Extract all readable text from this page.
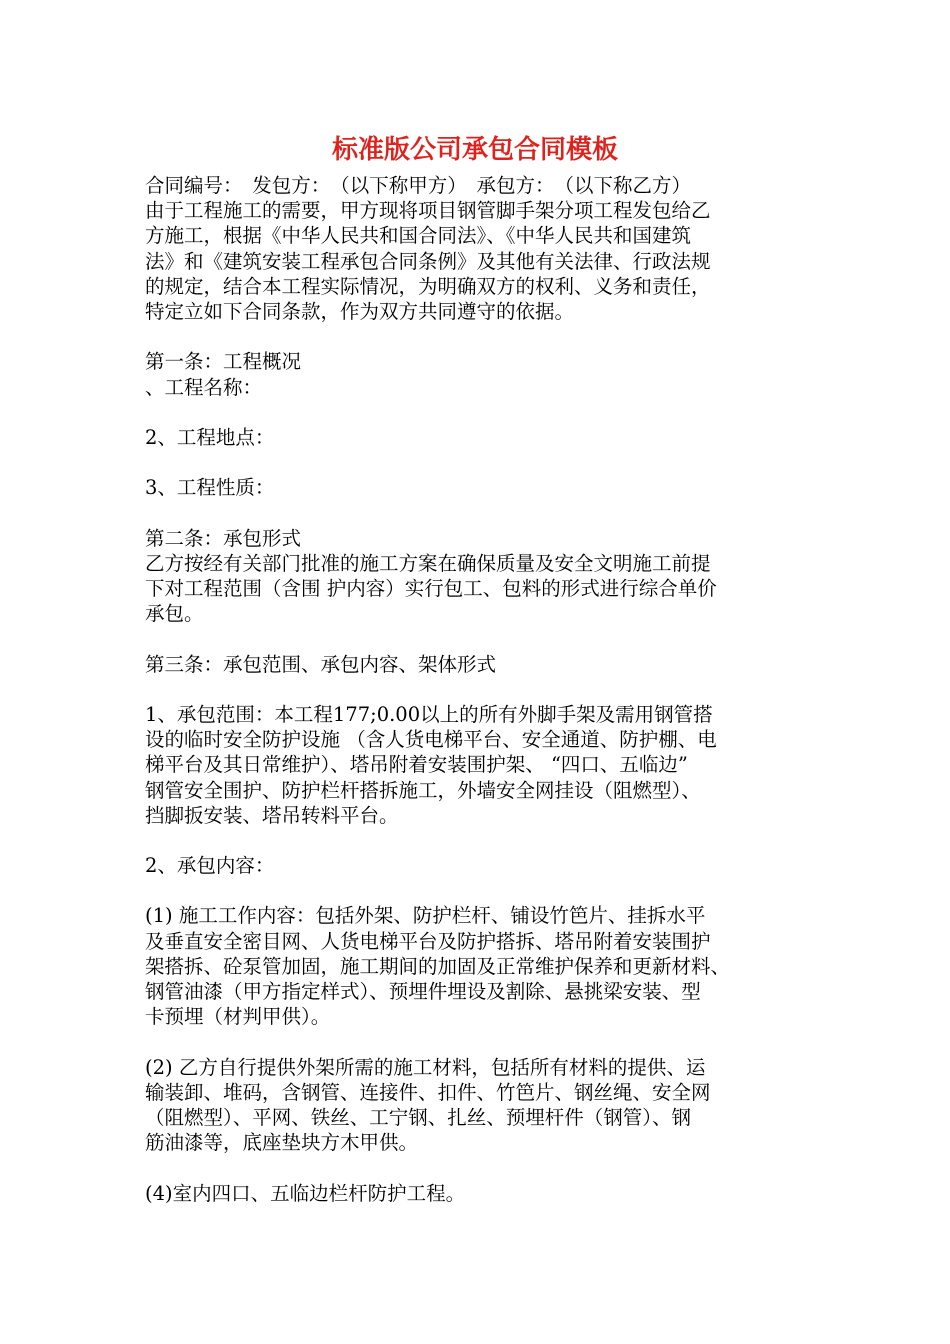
标准版公司承包合同模板
合同编号：　发包方：　（以下称甲方）　承包方：　（以下称乙方）
由于工程施工的需要，甲方现将项目钢管脚手架分项工程发包给乙
方施工，根据《中华人民共和国合同法》、《中华人民共和国建筑
法》和《建筑安装工程承包合同条例》及其他有关法律、行政法规
的规定，结合本工程实际情况，为明确双方的权利、义务和责任，
特定立如下合同条款，作为双方共同遵守的依据。
第一条：工程概况
、工程名称：
2、工程地点：
3、工程性质：
第二条：承包形式
乙方按经有关部门批准的施工方案在确保质量及安全文明施工前提
下对工程范围（含围 护内容）实行包工、包料的形式进行综合单价
承包。
第三条：承包范围、承包内容、架体形式
1、承包范围：本工程177;0.00以上的所有外脚手架及需用钢管搭
设的临时安全防护设施 （含人货电梯平台、安全通道、防护棚、电
梯平台及其日常维护）、塔吊附着安装围护架、 “四口、五临边”
钢管安全围护、防护栏杆搭拆施工，外墙安全网挂设（阻燃型）、
挡脚扳安装、塔吊转料平台。
2、承包内容：
(1) 施工工作内容：包括外架、防护栏杆、铺设竹笆片、挂拆水平
及垂直安全密目网、人货电梯平台及防护搭拆、塔吊附着安装围护
架搭拆、砼泵管加固，施工期间的加固及正常维护保养和更新材料、
钢管油漆（甲方指定样式）、预埋件埋设及割除、悬挑梁安装、型
卡预埋（材判甲供）。
(2) 乙方自行提供外架所需的施工材料，包括所有材料的提供、运
输装卸、堆码，含钢管、连接件、扣件、竹笆片、钢丝绳、安全网
（阻燃型）、平网、铁丝、工宁钢、扎丝、预埋杆件（钢管）、钢
筋油漆等，底座垫块方木甲供。
(4)室内四口、五临边栏杆防护工程。
